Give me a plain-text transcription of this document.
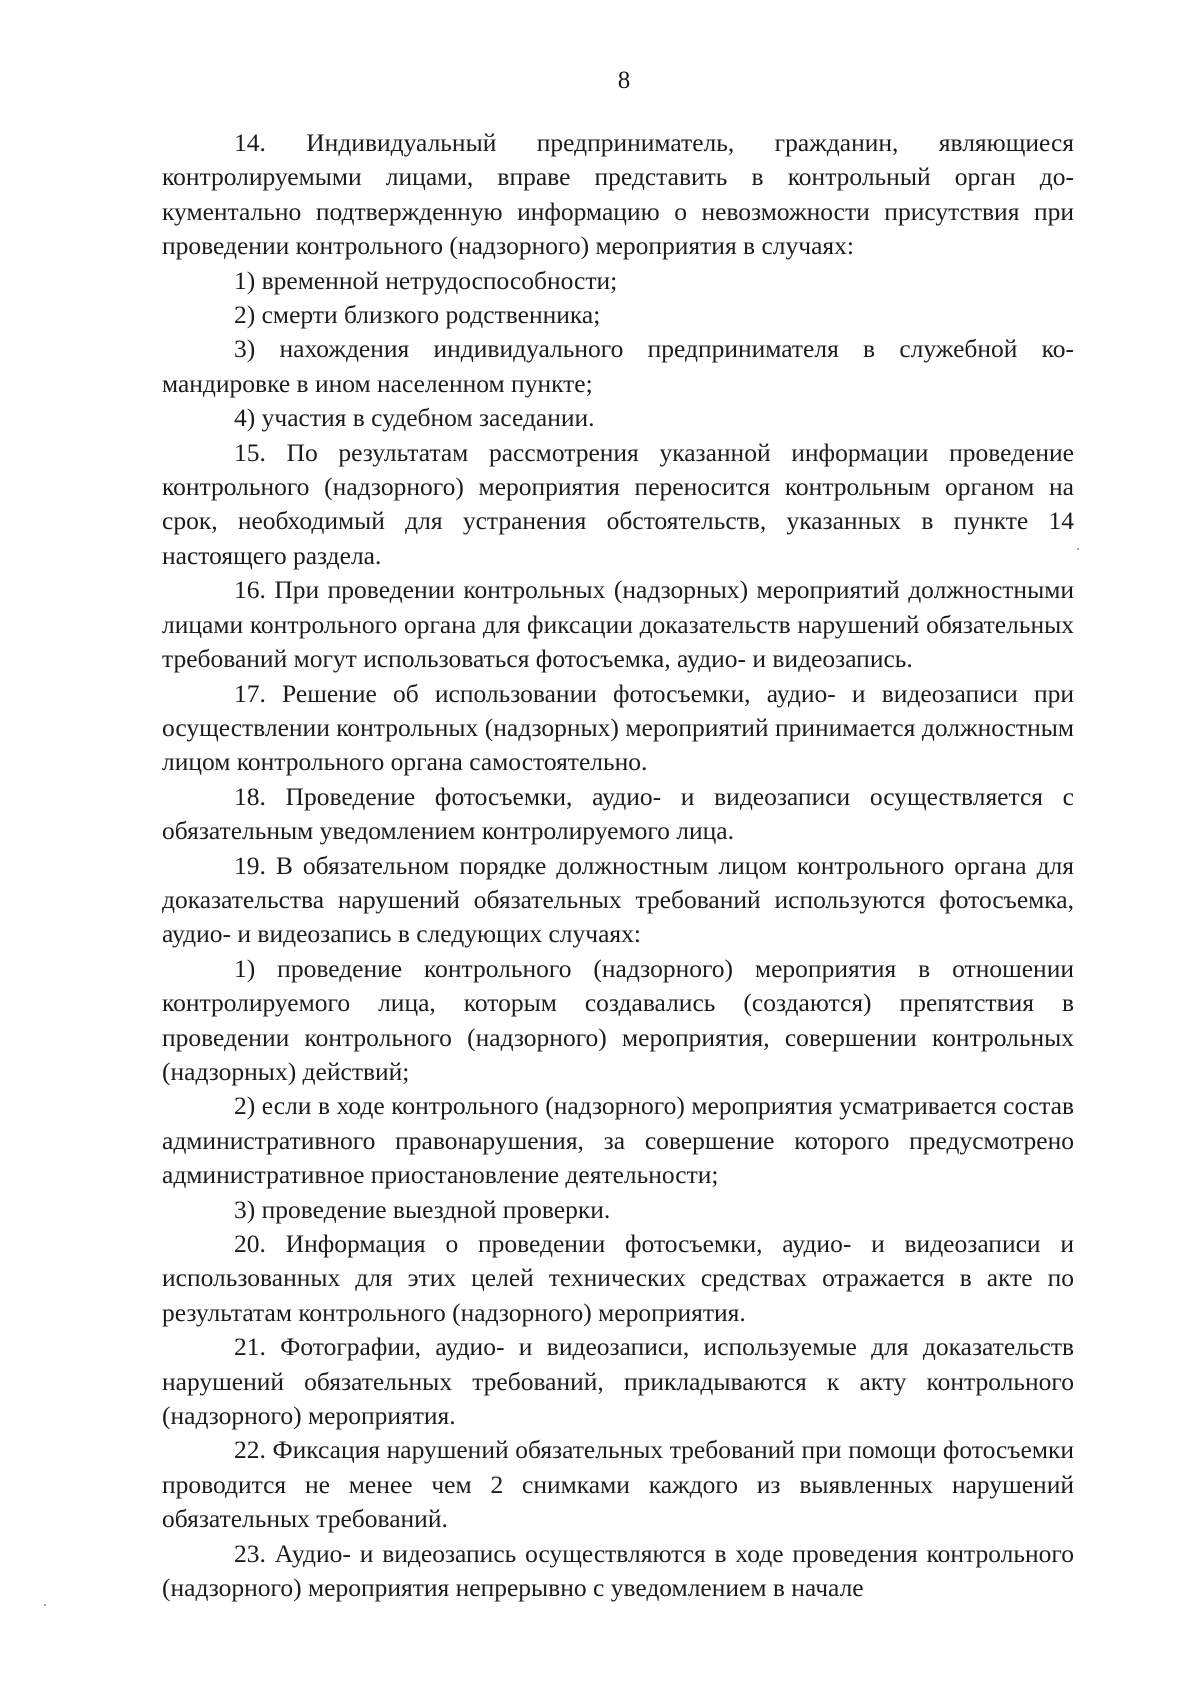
8

14. Индивидуальный предприниматель, гражданин, являющиеся контролируемыми лицами, вправе представить в контрольный орган документально подтвержденную информацию о невозможности присутствия при проведении контрольного (надзорного) мероприятия в случаях:

1) временной нетрудоспособности;

2) смерти близкого родственника;

3) нахождения индивидуального предпринимателя в служебной командировке в ином населенном пункте;

4) участия в судебном заседании.

15. По результатам рассмотрения указанной информации проведение контрольного (надзорного) мероприятия переносится контрольным органом на срок, необходимый для устранения обстоятельств, указанных в пункте 14 настоящего раздела.

16. При проведении контрольных (надзорных) мероприятий должностными лицами контрольного органа для фиксации доказательств нарушений обязательных требований могут использоваться фотосъемка, аудио- и видеозапись.

17. Решение об использовании фотосъемки, аудио- и видеозаписи при осуществлении контрольных (надзорных) мероприятий принимается должностным лицом контрольного органа самостоятельно.

18. Проведение фотосъемки, аудио- и видеозаписи осуществляется с обязательным уведомлением контролируемого лица.

19. В обязательном порядке должностным лицом контрольного органа для доказательства нарушений обязательных требований используются фотосъемка, аудио- и видеозапись в следующих случаях:

1) проведение контрольного (надзорного) мероприятия в отношении контролируемого лица, которым создавались (создаются) препятствия в проведении контрольного (надзорного) мероприятия, совершении контрольных (надзорных) действий;

2) если в ходе контрольного (надзорного) мероприятия усматривается состав административного правонарушения, за совершение которого предусмотрено административное приостановление деятельности;

3) проведение выездной проверки.

20. Информация о проведении фотосъемки, аудио- и видеозаписи и использованных для этих целей технических средствах отражается в акте по результатам контрольного (надзорного) мероприятия.

21. Фотографии, аудио- и видеозаписи, используемые для доказательств нарушений обязательных требований, прикладываются к акту контрольного (надзорного) мероприятия.

22. Фиксация нарушений обязательных требований при помощи фотосъемки проводится не менее чем 2 снимками каждого из выявленных нарушений обязательных требований.

23. Аудио- и видеозапись осуществляются в ходе проведения контрольного (надзорного) мероприятия непрерывно с уведомлением в начале
